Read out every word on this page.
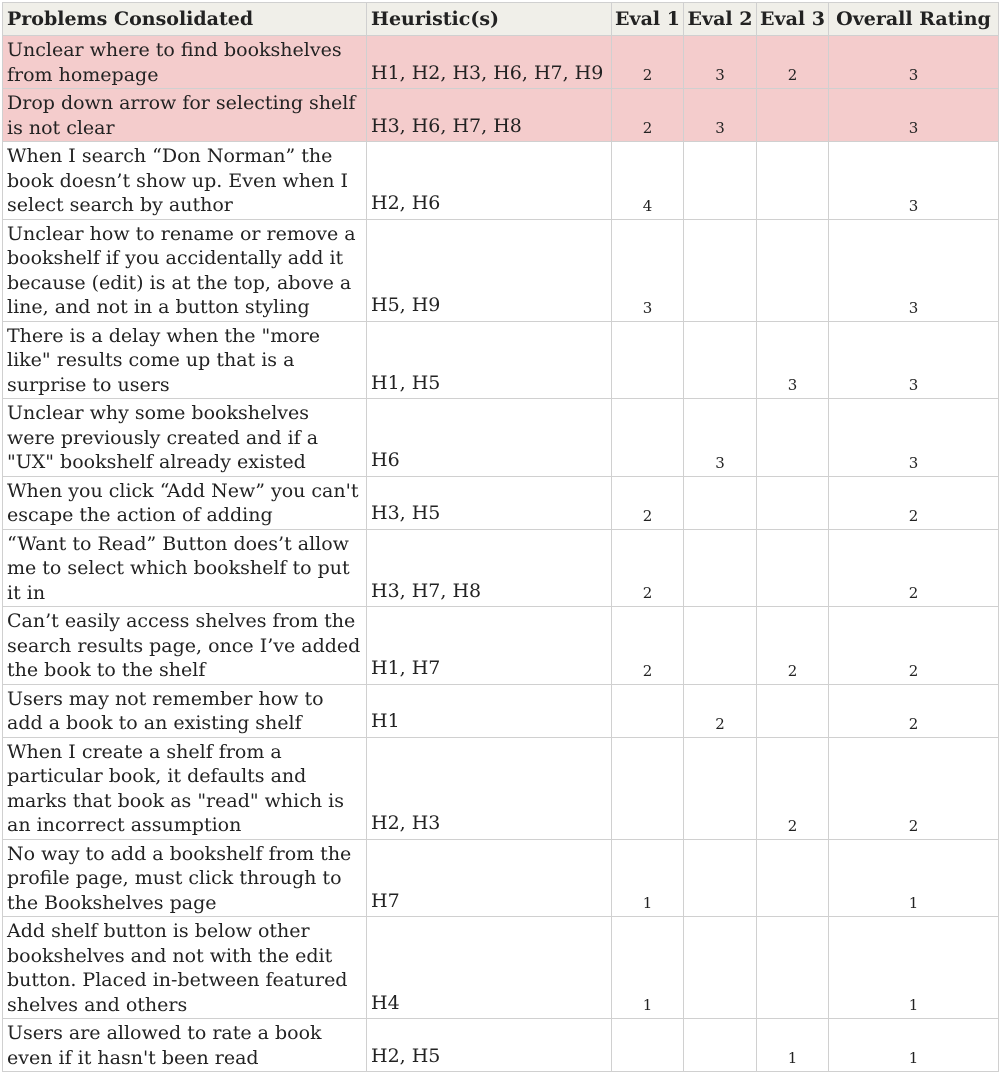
Problems Consolidated	Heuristic(s)	Eval 1	Eval 2	Eval 3	Overall Rating
Unclear where to find bookshelves from homepage	H1, H2, H3, H6, H7, H9	2	3	2	3
Drop down arrow for selecting shelf is not clear	H3, H6, H7, H8	2	3		3
When I search “Don Norman” the book doesn’t show up. Even when I select search by author	H2, H6	4			3
Unclear how to rename or remove a bookshelf if you accidentally add it because (edit) is at the top, above a line, and not in a button styling	H5, H9	3			3
There is a delay when the "more like" results come up that is a surprise to users	H1, H5			3	3
Unclear why some bookshelves were previously created and if a "UX" bookshelf already existed	H6		3		3
When you click “Add New” you can't escape the action of adding	H3, H5	2			2
“Want to Read” Button does’t allow me to select which bookshelf to put it in	H3, H7, H8	2			2
Can’t easily access shelves from the search results page, once I’ve added the book to the shelf	H1, H7	2		2	2
Users may not remember how to add a book to an existing shelf	H1		2		2
When I create a shelf from a particular book, it defaults and marks that book as "read" which is an incorrect assumption	H2, H3			2	2
No way to add a bookshelf from the profile page, must click through to the Bookshelves page	H7	1			1
Add shelf button is below other bookshelves and not with the edit button. Placed in-between featured shelves and others	H4	1			1
Users are allowed to rate a book even if it hasn't been read	H2, H5			1	1
